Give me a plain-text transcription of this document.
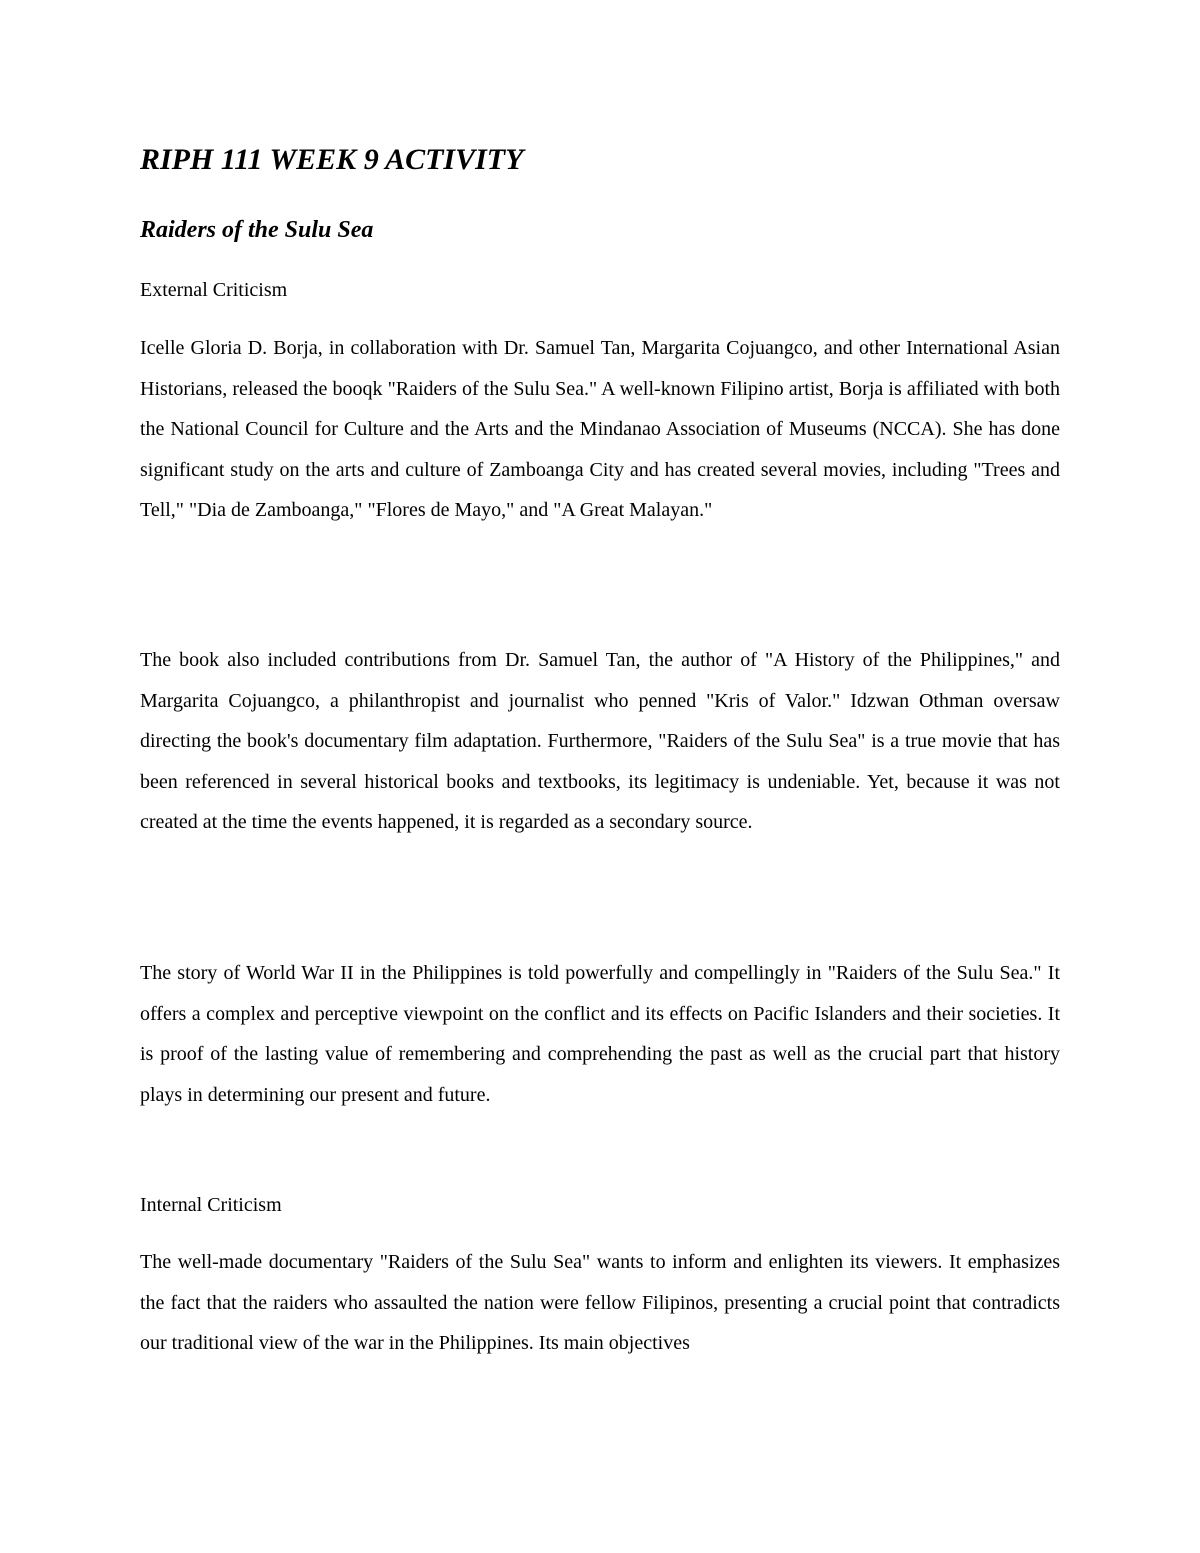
RIPH 111 WEEK 9 ACTIVITY
Raiders of the Sulu Sea

External Criticism

Icelle Gloria D. Borja, in collaboration with Dr. Samuel Tan, Margarita Cojuangco, and other International Asian Historians, released the booqk "Raiders of the Sulu Sea." A well-known Filipino artist, Borja is affiliated with both the National Council for Culture and the Arts and the Mindanao Association of Museums (NCCA). She has done significant study on the arts and culture of Zamboanga City and has created several movies, including "Trees and Tell," "Dia de Zamboanga," "Flores de Mayo," and "A Great Malayan."

The book also included contributions from Dr. Samuel Tan, the author of "A History of the Philippines," and Margarita Cojuangco, a philanthropist and journalist who penned "Kris of Valor." Idzwan Othman oversaw directing the book's documentary film adaptation. Furthermore, "Raiders of the Sulu Sea" is a true movie that has been referenced in several historical books and textbooks, its legitimacy is undeniable. Yet, because it was not created at the time the events happened, it is regarded as a secondary source.

The story of World War II in the Philippines is told powerfully and compellingly in "Raiders of the Sulu Sea." It offers a complex and perceptive viewpoint on the conflict and its effects on Pacific Islanders and their societies. It is proof of the lasting value of remembering and comprehending the past as well as the crucial part that history plays in determining our present and future.

Internal Criticism

The well-made documentary "Raiders of the Sulu Sea" wants to inform and enlighten its viewers. It emphasizes the fact that the raiders who assaulted the nation were fellow Filipinos, presenting a crucial point that contradicts our traditional view of the war in the Philippines. Its main objectives
